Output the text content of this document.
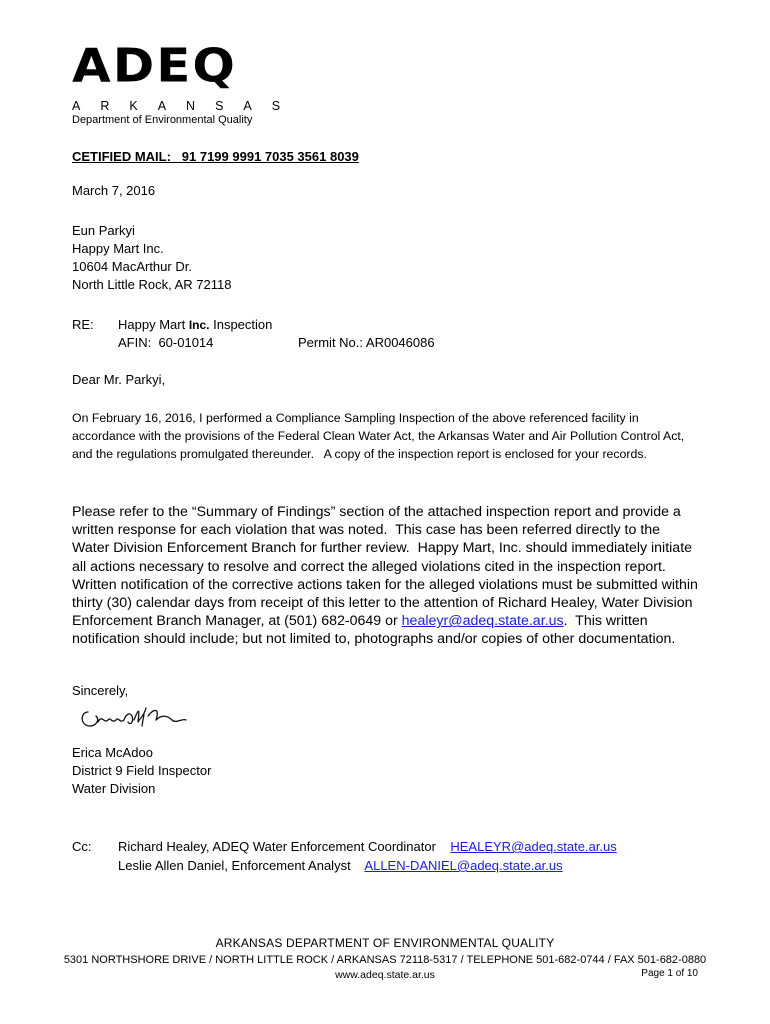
ADEQ
ARKANSAS
Department of Environmental Quality
CETIFIED MAIL:   91 7199 9991 7035 3561 8039
March 7, 2016
Eun Parkyi
Happy Mart Inc.
10604 MacArthur Dr.
North Little Rock, AR 72118
RE: Happy Mart Inc. Inspection
AFIN:  60-01014	Permit No.: AR0046086
Dear Mr. Parkyi,
On February 16, 2016, I performed a Compliance Sampling Inspection of the above referenced facility in accordance with the provisions of the Federal Clean Water Act, the Arkansas Water and Air Pollution Control Act, and the regulations promulgated thereunder.   A copy of the inspection report is enclosed for your records.
Please refer to the “Summary of Findings” section of the attached inspection report and provide a written response for each violation that was noted.  This case has been referred directly to the Water Division Enforcement Branch for further review.  Happy Mart, Inc. should immediately initiate all actions necessary to resolve and correct the alleged violations cited in the inspection report. Written notification of the corrective actions taken for the alleged violations must be submitted within thirty (30) calendar days from receipt of this letter to the attention of Richard Healey, Water Division Enforcement Branch Manager, at (501) 682-0649 or healeyr@adeq.state.ar.us.  This written notification should include; but not limited to, photographs and/or copies of other documentation.
Sincerely,
Erica McAdoo
District 9 Field Inspector
Water Division
Cc: Richard Healey, ADEQ Water Enforcement Coordinator HEALEYR@adeq.state.ar.us
Leslie Allen Daniel, Enforcement Analyst ALLEN-DANIEL@adeq.state.ar.us
ARKANSAS DEPARTMENT OF ENVIRONMENTAL QUALITY
5301 NORTHSHORE DRIVE / NORTH LITTLE ROCK / ARKANSAS 72118-5317 / TELEPHONE 501-682-0744 / FAX 501-682-0880
www.adeq.state.ar.us	Page 1 of 10
